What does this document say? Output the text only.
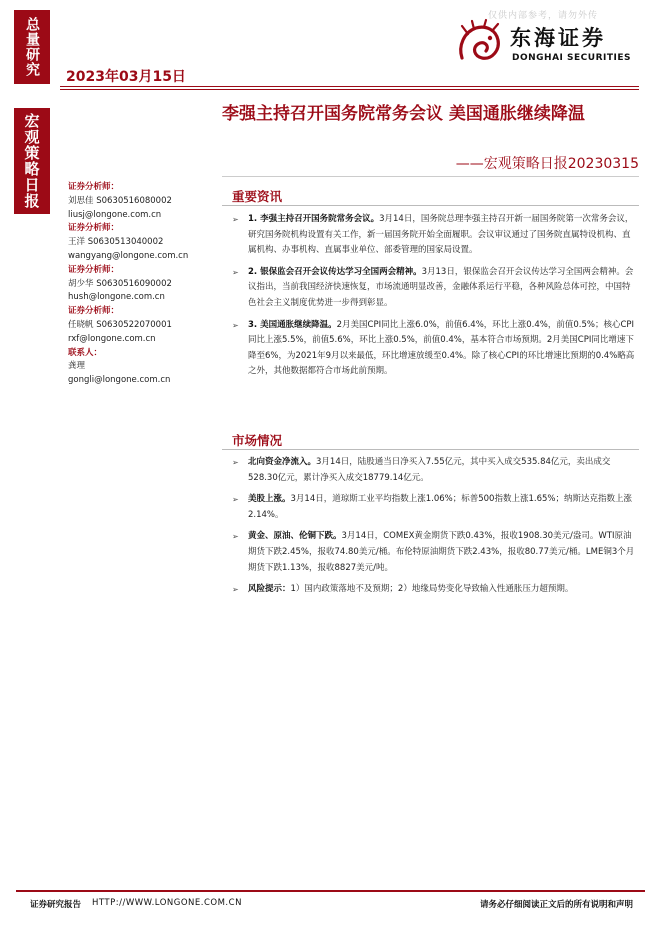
总量研究
宏观策略日报
2023年03月15日
仅供内部参考，请勿外传
东海证券
DONGHAI SECURITIES
李强主持召开国务院常务会议 美国通胀继续降温
——宏观策略日报20230315
证券分析师：
刘思佳 S0630516080002
liusj@longone.com.cn
证券分析师：
王洋 S0630513040002
wangyang@longone.com.cn
证券分析师：
胡少华 S0630516090002
hush@longone.com.cn
证券分析师：
任晓帆 S0630522070001
rxf@longone.com.cn
联系人：
龚理
gongli@longone.com.cn
重要资讯
➢ 1. 李强主持召开国务院常务会议。3月14日，国务院总理李强主持召开新一届国务院第一次常务会议，研究国务院机构设置有关工作，新一届国务院开始全面履职。会议审议通过了国务院直属特设机构、直属机构、办事机构、直属事业单位、部委管理的国家局设置。
➢ 2. 银保监会召开会议传达学习全国两会精神。3月13日，银保监会召开会议传达学习全国两会精神。会议指出，当前我国经济快速恢复，市场流通明显改善，金融体系运行平稳，各种风险总体可控，中国特色社会主义制度优势进一步得到彰显。
➢ 3. 美国通胀继续降温。2月美国CPI同比上涨6.0%，前值6.4%，环比上涨0.4%，前值0.5%；核心CPI同比上涨5.5%，前值5.6%，环比上涨0.5%，前值0.4%，基本符合市场预期。2月美国CPI同比增速下降至6%，为2021年9月以来最低，环比增速放缓至0.4%。除了核心CPI的环比增速比预期的0.4%略高之外，其他数据都符合市场此前预期。
市场情况
➢ 北向资金净流入。3月14日，陆股通当日净买入7.55亿元，其中买入成交535.84亿元，卖出成交528.30亿元，累计净买入成交18779.14亿元。
➢ 美股上涨。3月14日，道琼斯工业平均指数上涨1.06%；标普500指数上涨1.65%；纳斯达克指数上涨2.14%。
➢ 黄金、原油、伦铜下跌。3月14日，COMEX黄金期货下跌0.43%，报收1908.30美元/盎司。WTI原油期货下跌2.45%，报收74.80美元/桶。布伦特原油期货下跌2.43%，报收80.77美元/桶。LME铜3个月期货下跌1.13%，报收8827美元/吨。
➢ 风险提示：1）国内政策落地不及预期；2）地缘局势变化导致输入性通胀压力超预期。
证券研究报告 HTTP://WWW.LONGONE.COM.CN	请务必仔细阅读正文后的所有说明和声明
